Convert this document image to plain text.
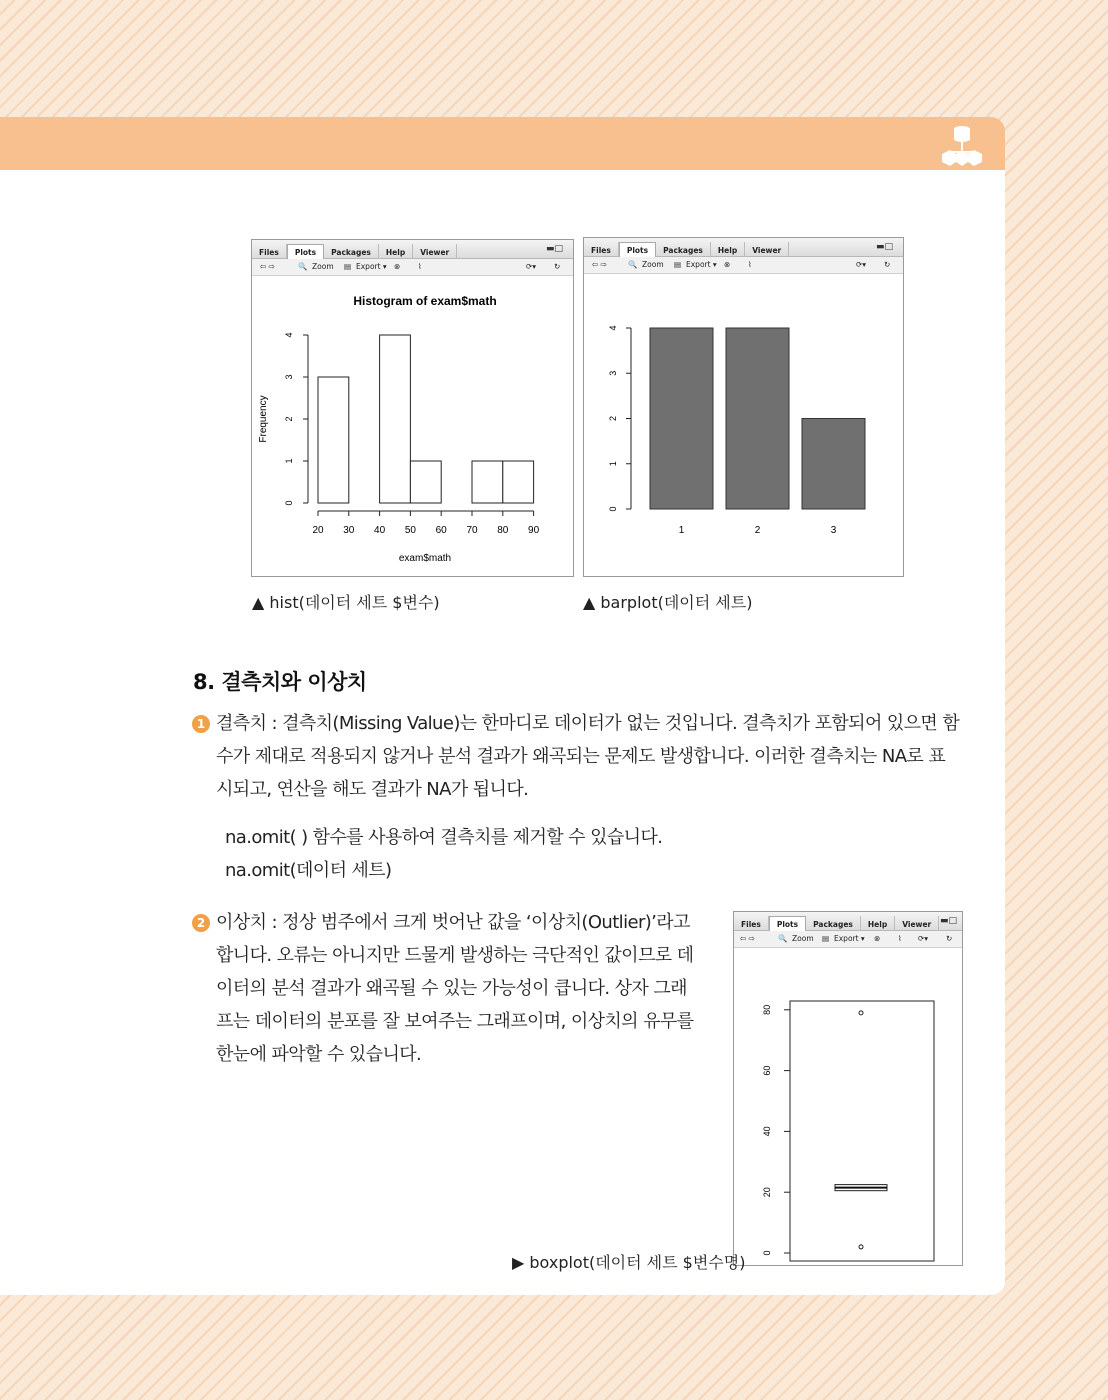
Files Plots Packages Help Viewer	▬□
⇦ ⇨	🔍 Zoom ▤ Export ▾ ⊗ ⌇	⟳▾ ↻
Histogram of exam$math
20 30 40 50 60 70 80 90
0
1
2
3
4
exam$math
Frequency
▲ hist(데이터 세트 $변수)
Files Plots Packages Help Viewer	▬□
⇦ ⇨	🔍 Zoom ▤ Export ▾ ⊗ ⌇	⟳▾ ↻
1	2	3
0
1
2
3
4
▲ barplot(데이터 세트)
8. 결측치와 이상치
1 결측치 : 결측치(Missing Value)는 한마디로 데이터가 없는 것입니다. 결측치가 포함되어 있으면 함
수가 제대로 적용되지 않거나 분석 결과가 왜곡되는 문제도 발생합니다. 이러한 결측치는 NA로 표
시되고, 연산을 해도 결과가 NA가 됩니다.
na.omit( ) 함수를 사용하여 결측치를 제거할 수 있습니다.
na.omit(데이터 세트)
2 이상치 : 정상 범주에서 크게 벗어난 값을 ‘이상치(Outlier)’라고
합니다. 오류는 아니지만 드물게 발생하는 극단적인 값이므로 데
이터의 분석 결과가 왜곡될 수 있는 가능성이 큽니다. 상자 그래
프는 데이터의 분포를 잘 보여주는 그래프이며, 이상치의 유무를
한눈에 파악할 수 있습니다.
Files Plots Packages Help Viewer ▬□
⇦ ⇨	🔍 Zoom ▤ Export ▾ ⊗ ⌇ ⟳▾ ↻
0
20
40
60
80
▶ boxplot(데이터 세트 $변수명)
